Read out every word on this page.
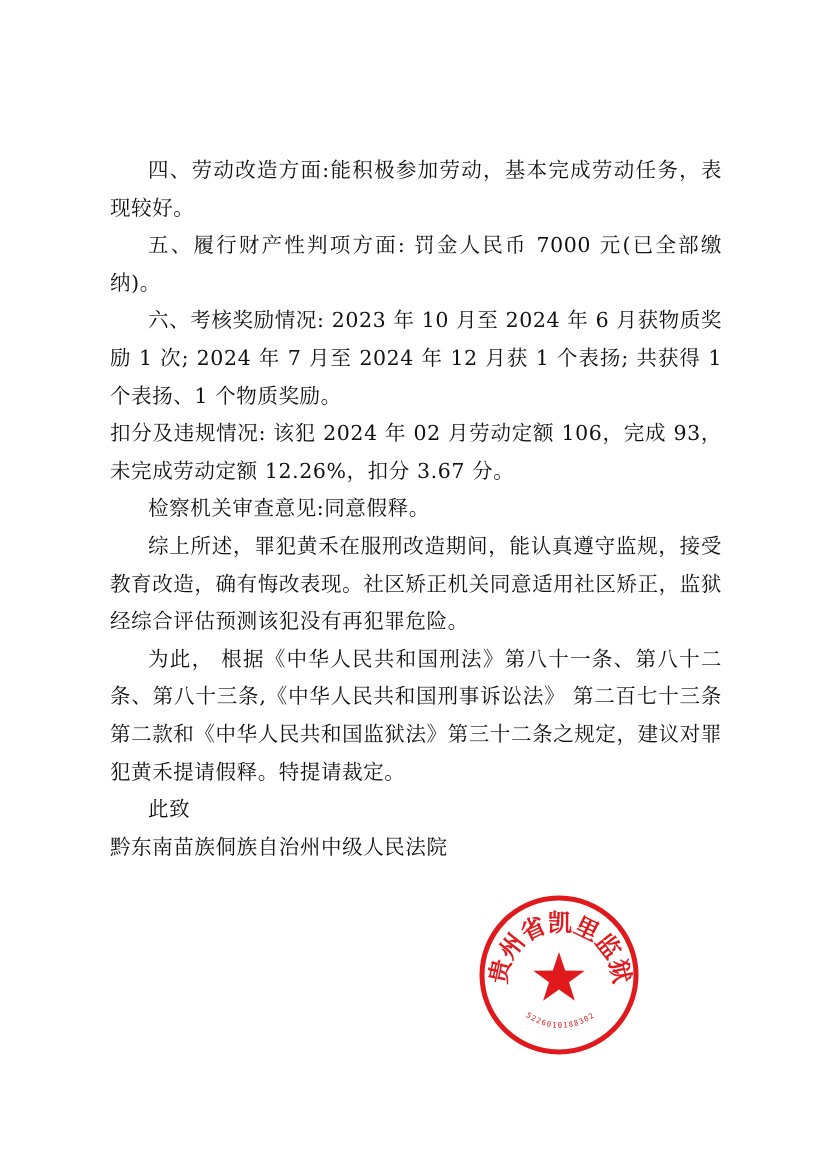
四、劳动改造方面:能积极参加劳动，基本完成劳动任务，表现较好。

五、履行财产性判项方面: 罚金人民币 7000 元(已全部缴纳)。

六、考核奖励情况: 2023 年 10 月至 2024 年 6 月获物质奖励 1 次; 2024 年 7 月至 2024 年 12 月获 1 个表扬; 共获得 1 个表扬、1 个物质奖励。

扣分及违规情况: 该犯 2024 年 02 月劳动定额 106，完成 93，未完成劳动定额 12.26%，扣分 3.67 分。

检察机关审查意见:同意假释。

综上所述，罪犯黄禾在服刑改造期间，能认真遵守监规，接受教育改造，确有悔改表现。社区矫正机关同意适用社区矫正，监狱经综合评估预测该犯没有再犯罪危险。

为此， 根据《中华人民共和国刑法》第八十一条、第八十二条、第八十三条,《中华人民共和国刑事诉讼法》 第二百七十三条第二款和《中华人民共和国监狱法》第三十二条之规定，建议对罪犯黄禾提请假释。特提请裁定。

此致

黔东南苗族侗族自治州中级人民法院

贵州省凯里监狱
5226010188302
